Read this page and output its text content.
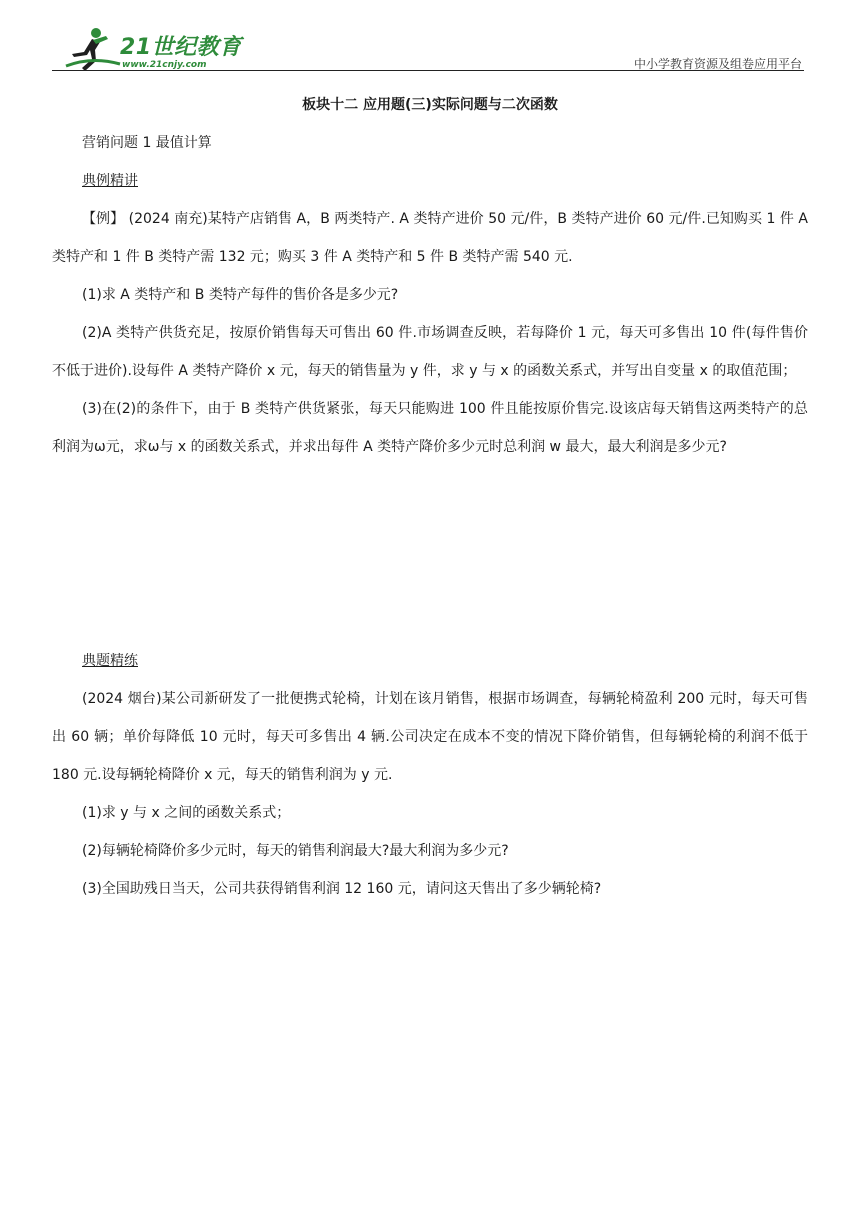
21世纪教育
www.21cnjy.com	中小学教育资源及组卷应用平台

板块十二 应用题(三)实际问题与二次函数

营销问题 1 最值计算

典例精讲

【例】 (2024 南充)某特产店销售 A，B 两类特产. A 类特产进价 50 元/件，B 类特产进价 60 元/件.已知购买 1 件 A 类特产和 1 件 B 类特产需 132 元；购买 3 件 A 类特产和 5 件 B 类特产需 540 元.

(1)求 A 类特产和 B 类特产每件的售价各是多少元?

(2)A 类特产供货充足，按原价销售每天可售出 60 件.市场调查反映，若每降价 1 元，每天可多售出 10 件(每件售价不低于进价).设每件 A 类特产降价 x 元，每天的销售量为 y 件，求 y 与 x 的函数关系式，并写出自变量 x 的取值范围；

(3)在(2)的条件下，由于 B 类特产供货紧张，每天只能购进 100 件且能按原价售完.设该店每天销售这两类特产的总利润为ω元，求ω与 x 的函数关系式，并求出每件 A 类特产降价多少元时总利润 w 最大，最大利润是多少元?

典题精练

(2024 烟台)某公司新研发了一批便携式轮椅，计划在该月销售，根据市场调查，每辆轮椅盈利 200 元时，每天可售出 60 辆；单价每降低 10 元时，每天可多售出 4 辆.公司决定在成本不变的情况下降价销售，但每辆轮椅的利润不低于 180 元.设每辆轮椅降价 x 元，每天的销售利润为 y 元.

(1)求 y 与 x 之间的函数关系式；

(2)每辆轮椅降价多少元时，每天的销售利润最大?最大利润为多少元?

(3)全国助残日当天，公司共获得销售利润 12 160 元，请问这天售出了多少辆轮椅?
